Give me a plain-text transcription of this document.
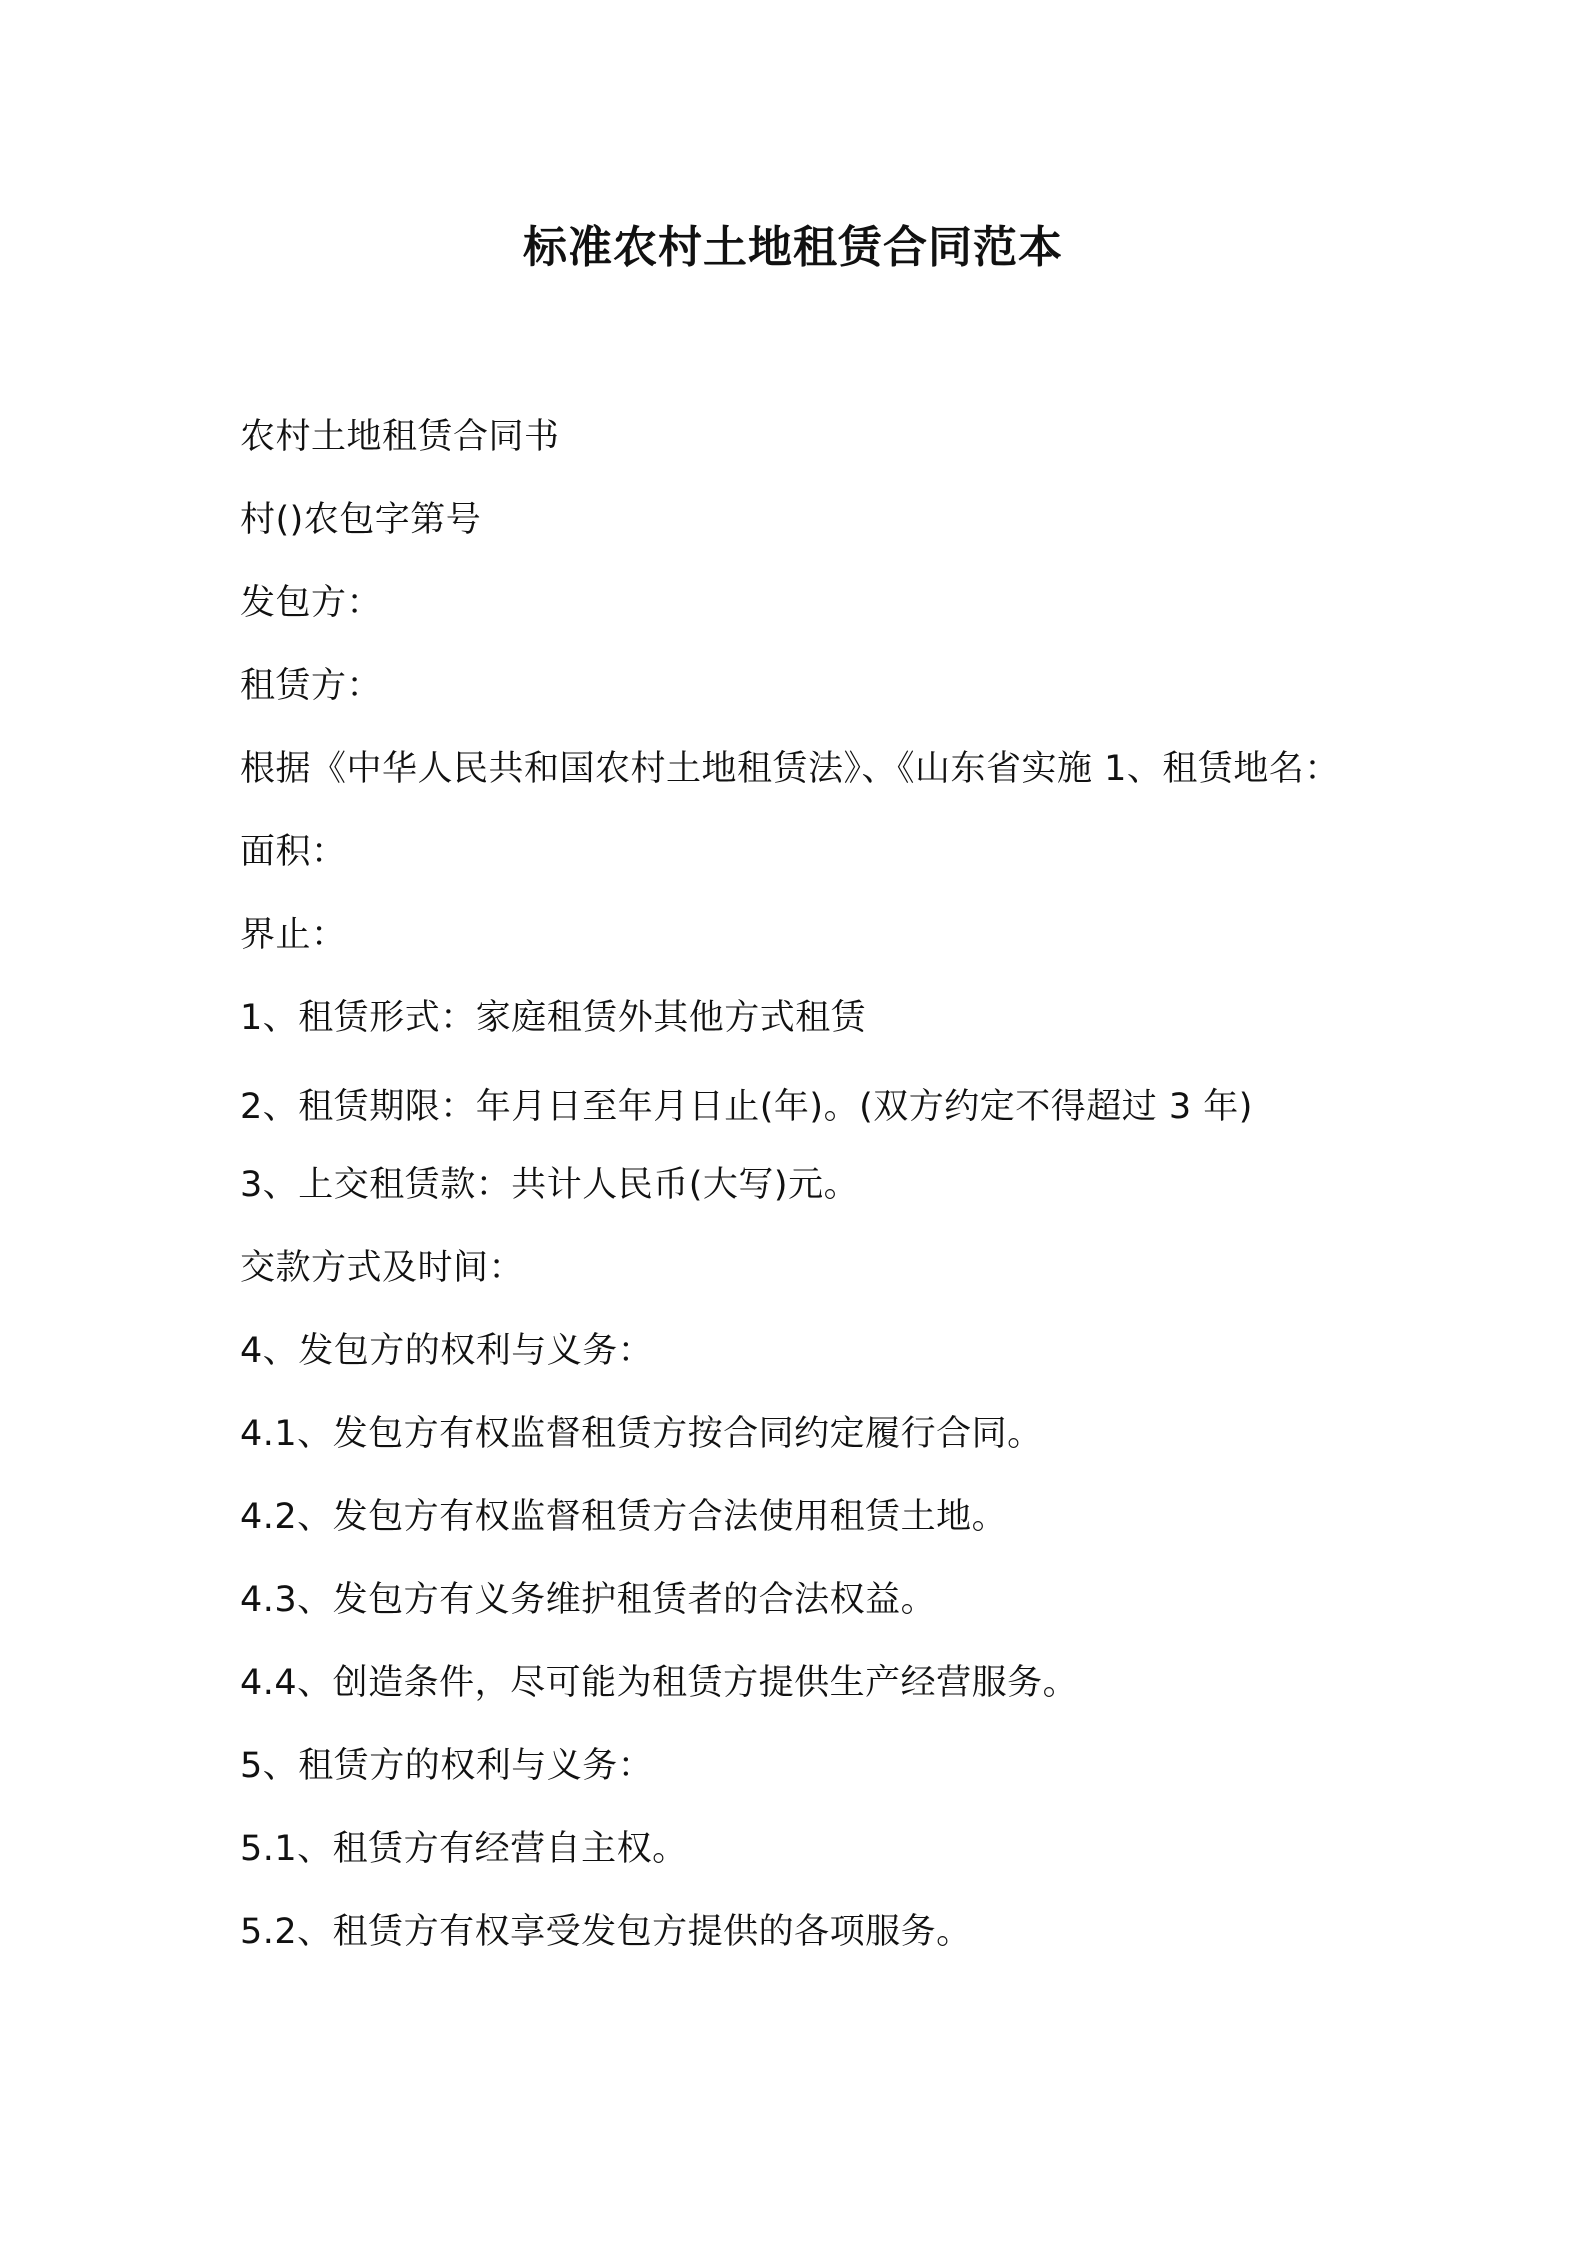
标准农村土地租赁合同范本
农村土地租赁合同书
村()农包字第号
发包方：
租赁方：
根据《中华人民共和国农村土地租赁法》、《山东省实施 1、租赁地名：
面积：
界止：
1、租赁形式：家庭租赁外其他方式租赁
2、租赁期限：年月日至年月日止(年)。(双方约定不得超过 3 年)
3、上交租赁款：共计人民币(大写)元。
交款方式及时间：
4、发包方的权利与义务：
4.1、发包方有权监督租赁方按合同约定履行合同。
4.2、发包方有权监督租赁方合法使用租赁土地。
4.3、发包方有义务维护租赁者的合法权益。
4.4、创造条件，尽可能为租赁方提供生产经营服务。
5、租赁方的权利与义务：
5.1、租赁方有经营自主权。
5.2、租赁方有权享受发包方提供的各项服务。
